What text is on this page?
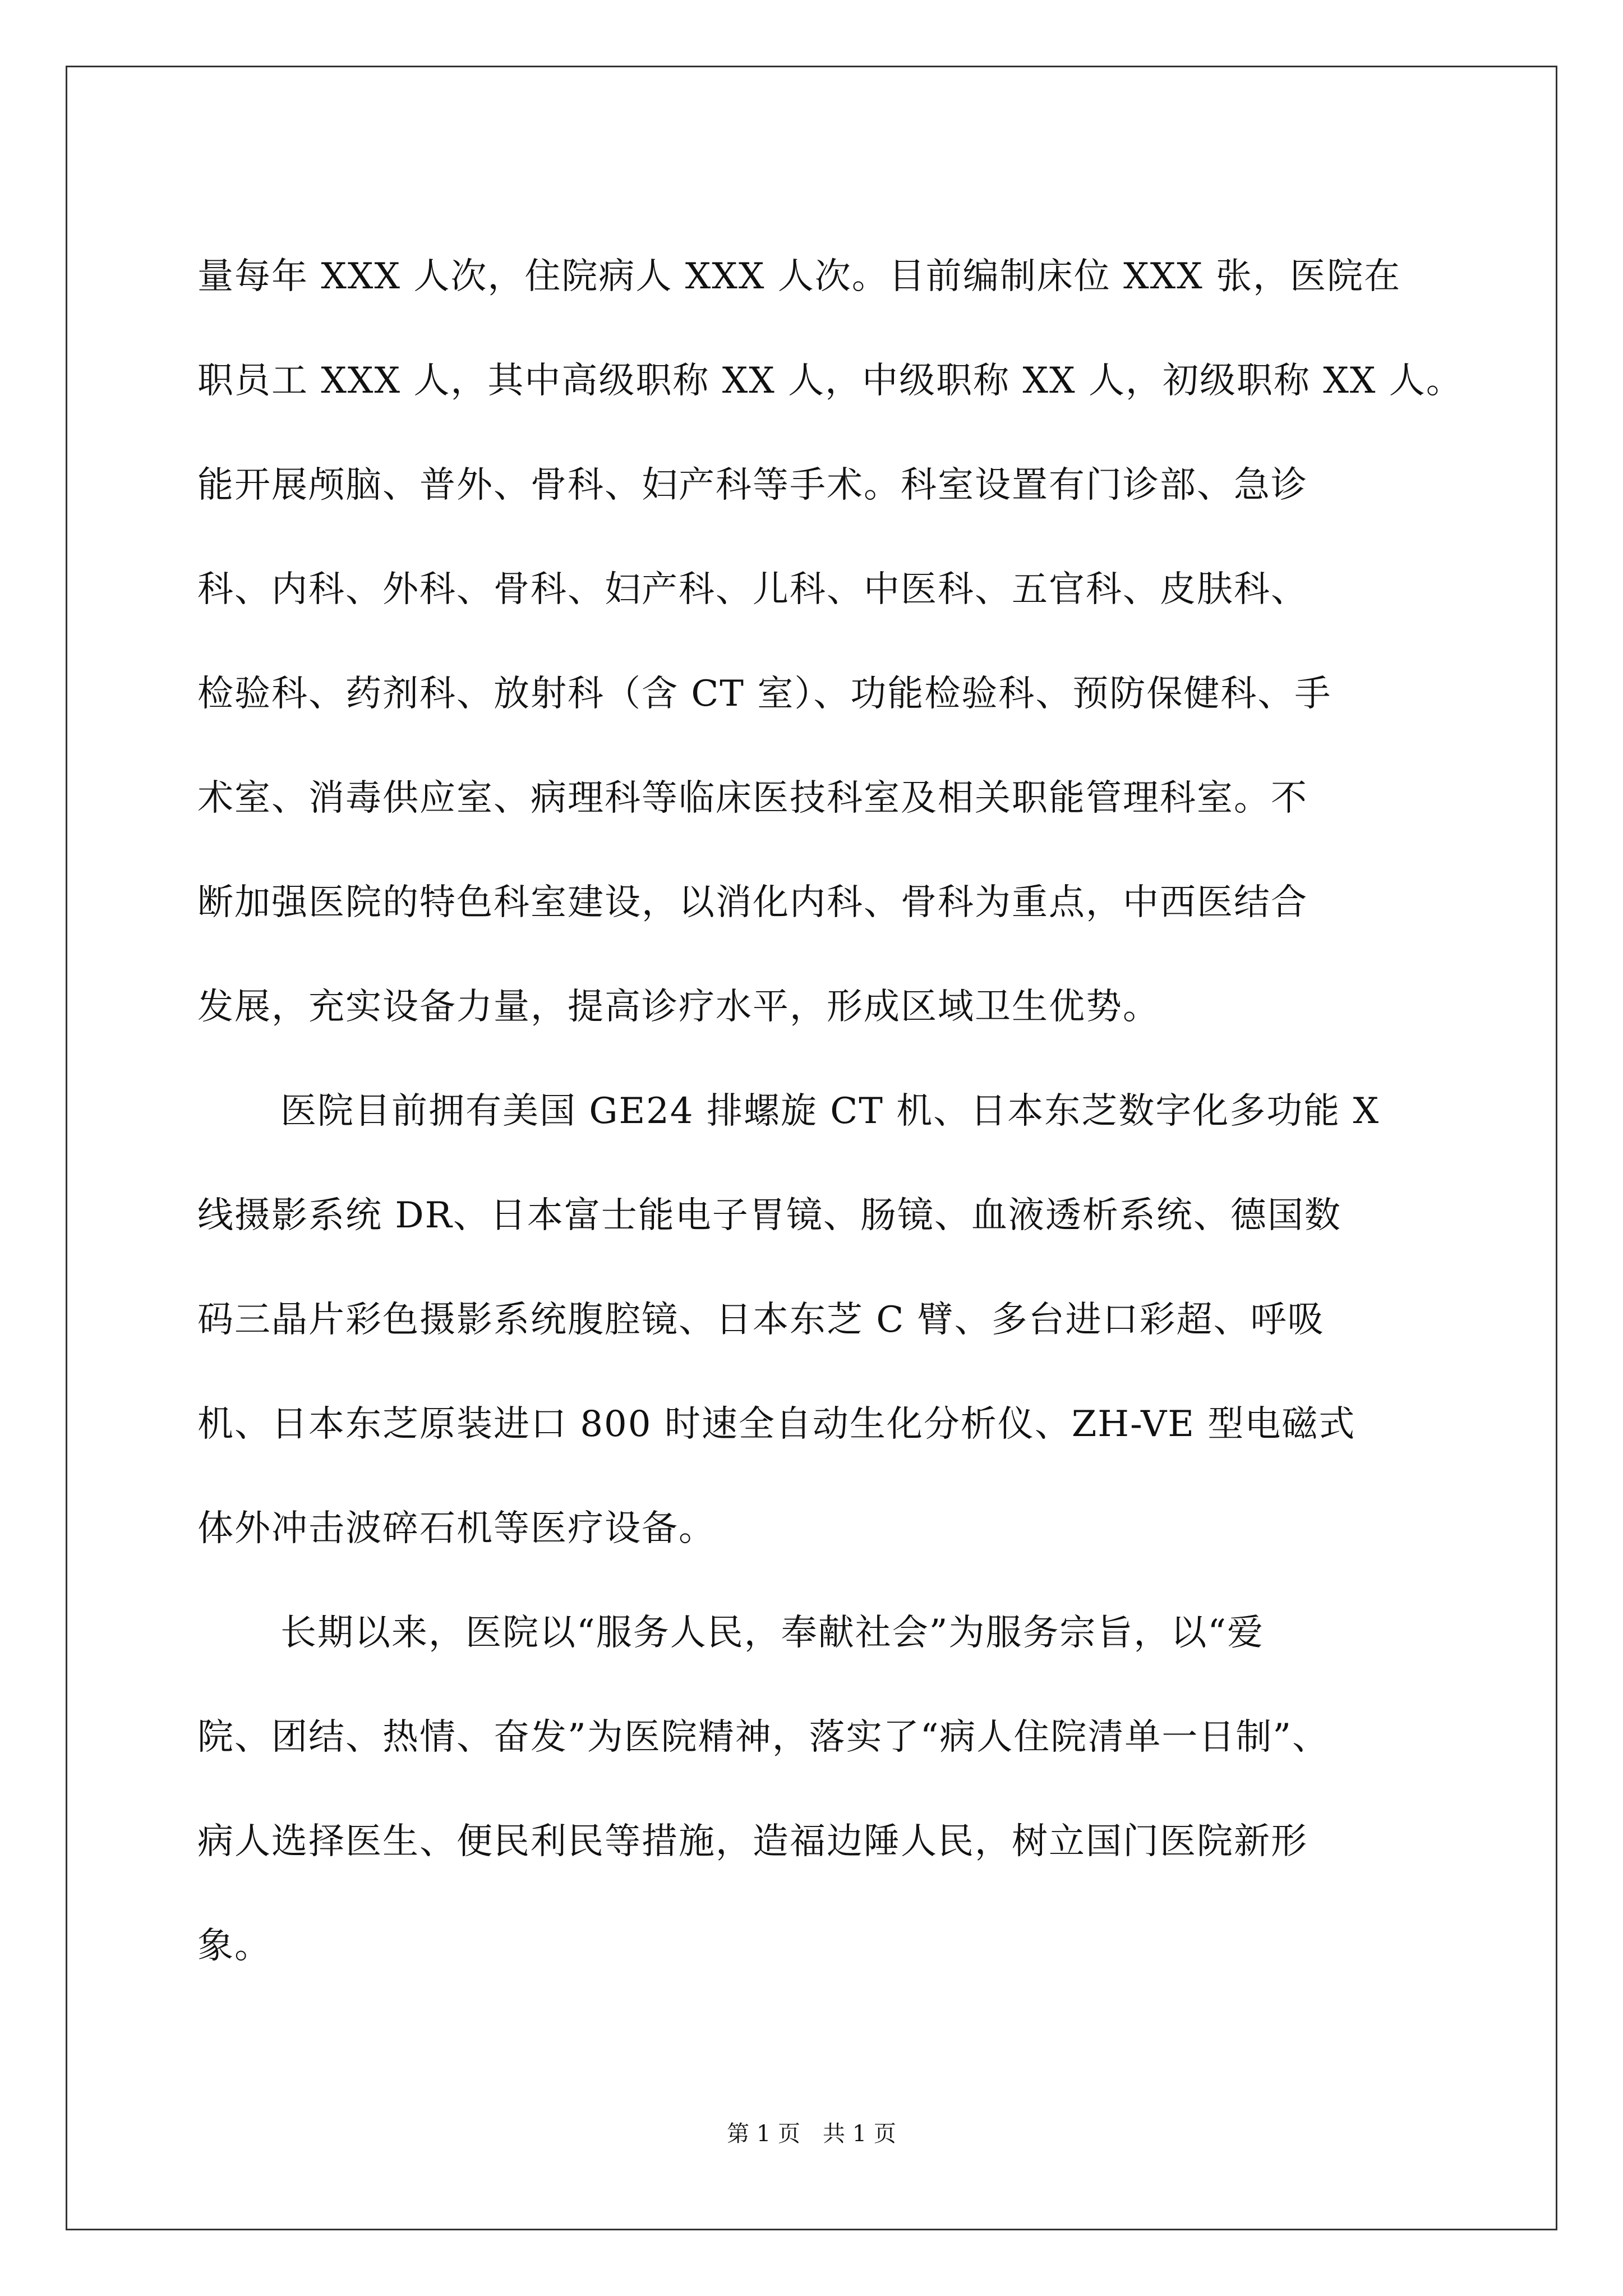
量每年 XXX 人次，住院病人 XXX 人次。目前编制床位 XXX 张，医院在
职员工 XXX 人，其中高级职称 XX 人，中级职称 XX 人，初级职称 XX 人。
能开展颅脑、普外、骨科、妇产科等手术。科室设置有门诊部、急诊
科、内科、外科、骨科、妇产科、儿科、中医科、五官科、皮肤科、
检验科、药剂科、放射科（含 CT 室）、功能检验科、预防保健科、手
术室、消毒供应室、病理科等临床医技科室及相关职能管理科室。不
断加强医院的特色科室建设，以消化内科、骨科为重点，中西医结合
发展，充实设备力量，提高诊疗水平，形成区域卫生优势。
医院目前拥有美国 GE24 排螺旋 CT 机、日本东芝数字化多功能 X
线摄影系统 DR、日本富士能电子胃镜、肠镜、血液透析系统、德国数
码三晶片彩色摄影系统腹腔镜、日本东芝 C 臂、多台进口彩超、呼吸
机、日本东芝原装进口 800 时速全自动生化分析仪、ZH-VE 型电磁式
体外冲击波碎石机等医疗设备。
长期以来，医院以“服务人民，奉献社会”为服务宗旨，以“爱
院、团结、热情、奋发”为医院精神，落实了“病人住院清单一日制”、
病人选择医生、便民利民等措施，造福边陲人民，树立国门医院新形
象。
第 1 页　共 1 页
